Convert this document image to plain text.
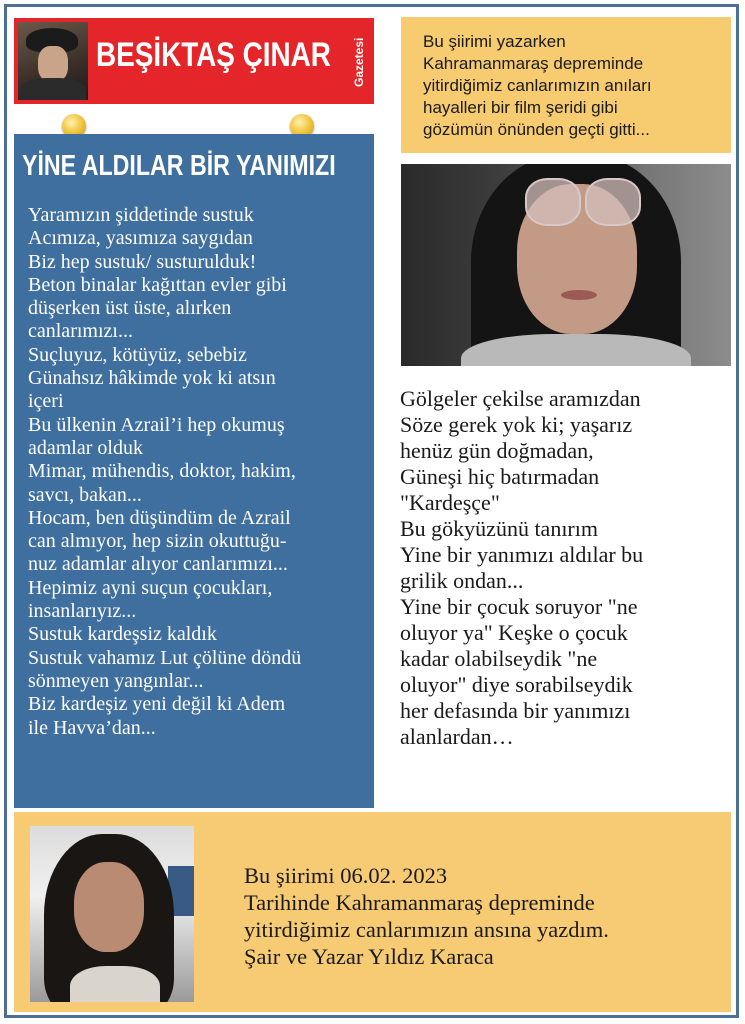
BEŞİKTAŞ ÇINAR Gazetesi	Bu şiirimi yazarken
Kahramanmaraş depreminde
yitirdiğimiz canlarımızın anıları
hayalleri bir film şeridi gibi
gözümün önünden geçti gitti...
YİNE ALDILAR BİR YANIMIZI
Yaramızın şiddetinde sustuk
Acımıza, yasımıza saygıdan
Biz hep sustuk/ susturulduk!
Beton binalar kağıttan evler gibi
düşerken üst üste, alırken
canlarımızı...
Suçluyuz, kötüyüz, sebebiz
Günahsız hâkimde yok ki atsın
içeri
Bu ülkenin Azrail’i hep okumuş
adamlar olduk
Mimar, mühendis, doktor, hakim,
savcı, bakan...
Hocam, ben düşündüm de Azrail
can almıyor, hep sizin okuttuğu-
nuz adamlar alıyor canlarımızı...
Hepimiz ayni suçun çocukları,
insanlarıyız...
Sustuk kardeşsiz kaldık
Sustuk vahamız Lut çölüne döndü
sönmeyen yangınlar...
Biz kardeşiz yeni değil ki Adem
ile Havva’dan...
Gölgeler çekilse aramızdan
Söze gerek yok ki; yaşarız
henüz gün doğmadan,
Güneşi hiç batırmadan
"Kardeşçe"
Bu gökyüzünü tanırım
Yine bir yanımızı aldılar bu
grilik ondan...
Yine bir çocuk soruyor "ne
oluyor ya" Keşke o çocuk
kadar olabilseydik "ne
oluyor" diye sorabilseydik
her defasında bir yanımızı
alanlardan…
Bu şiirimi 06.02. 2023
Tarihinde Kahramanmaraş depreminde
yitirdiğimiz canlarımızın ansına yazdım.
Şair ve Yazar Yıldız Karaca
